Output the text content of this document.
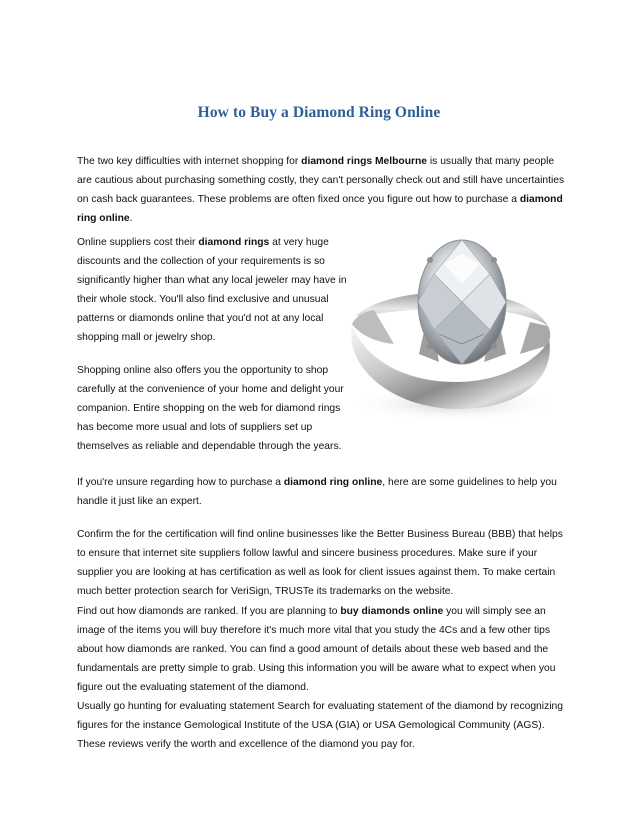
How to Buy a Diamond Ring Online

The two key difficulties with internet shopping for diamond rings Melbourne is usually that many people are cautious about purchasing something costly, they can't personally check out and still have uncertainties on cash back guarantees. These problems are often fixed once you figure out how to purchase a diamond ring online.

Online suppliers cost their diamond rings at very huge discounts and the collection of your requirements is so significantly higher than what any local jeweler may have in their whole stock. You'll also find exclusive and unusual patterns or diamonds online that you'd not at any local shopping mall or jewelry shop.

Shopping online also offers you the opportunity to shop carefully at the convenience of your home and delight your companion. Entire shopping on the web for diamond rings has become more usual and lots of suppliers set up themselves as reliable and dependable through the years.

If you're unsure regarding how to purchase a diamond ring online, here are some guidelines to help you handle it just like an expert.

Confirm the for the certification will find online businesses like the Better Business Bureau (BBB) that helps to ensure that internet site suppliers follow lawful and sincere business procedures. Make sure if your supplier you are looking at has certification as well as look for client issues against them. To make certain much better protection search for VeriSign, TRUSTe its trademarks on the website.

Find out how diamonds are ranked. If you are planning to buy diamonds online you will simply see an image of the items you will buy therefore it's much more vital that you study the 4Cs and a few other tips about how diamonds are ranked. You can find a good amount of details about these web based and the fundamentals are pretty simple to grab. Using this information you will be aware what to expect when you figure out the evaluating statement of the diamond.

Usually go hunting for evaluating statement Search for evaluating statement of the diamond by recognizing figures for the instance Gemological Institute of the USA (GIA) or USA Gemological Community (AGS). These reviews verify the worth and excellence of the diamond you pay for.
